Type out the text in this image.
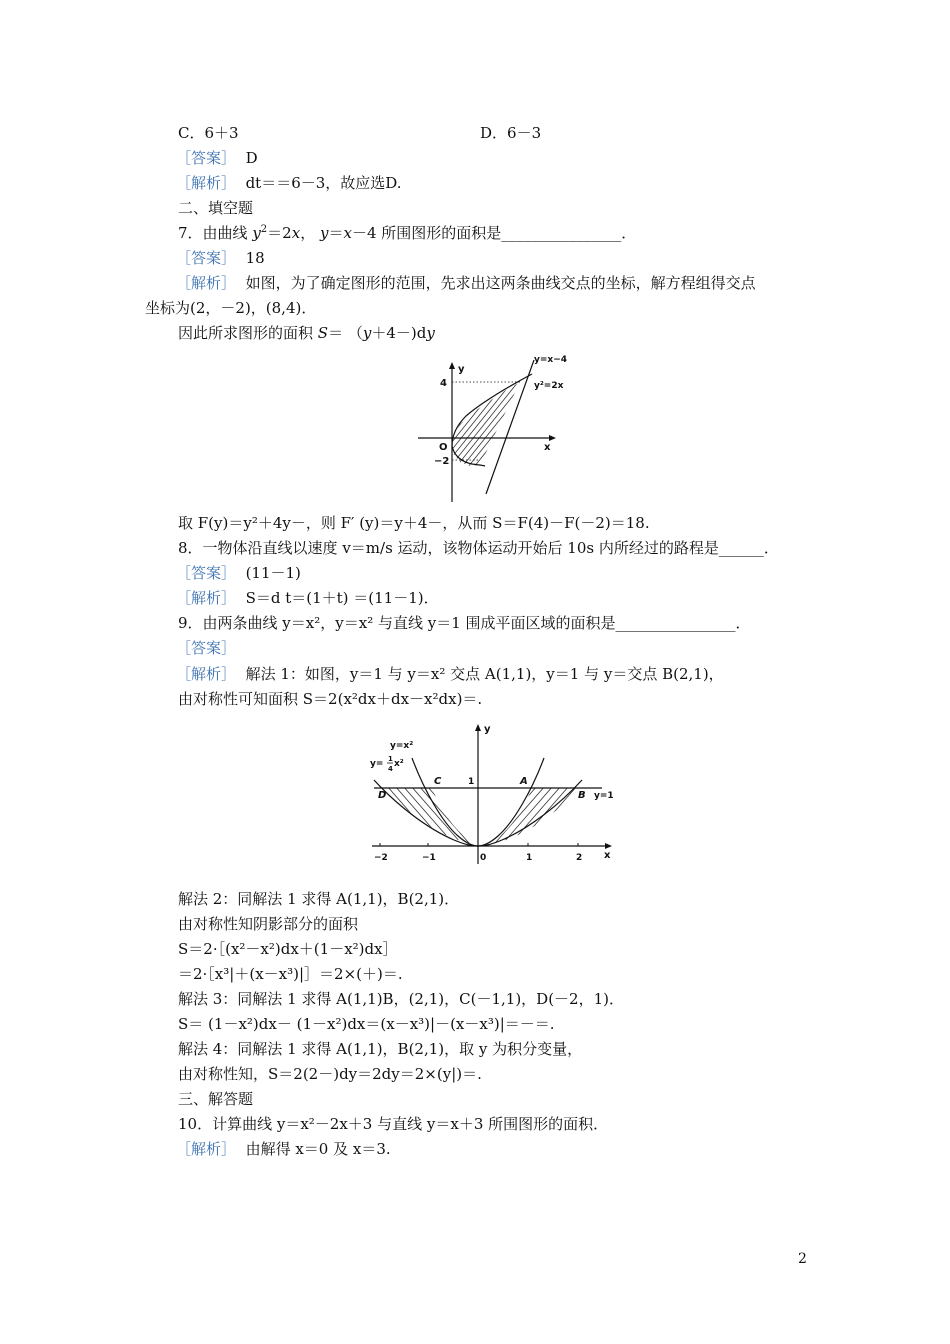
C．6＋3	D．6－3
［答案］ D
［解析］ dt＝＝6－3，故应选D.
二、填空题
7．由曲线 $y^2=2x$， y＝x－4 所围图形的面积是________________．
［答案］ 18
［解析］ 如图，为了确定图形的范围，先求出这两条曲线交点的坐标，解方程组得交点
坐标为(2，－2)，(8,4)．
因此所求图形的面积 S＝ （y＋4－)dy
y
x
O
4
−2
y=x−4
y²=2x
取 F(y)＝y²＋4y－，则 F′ (y)＝y＋4－，从而 S＝F(4)－F(－2)＝18.
8．一物体沿直线以速度 v＝m/s 运动，该物体运动开始后 10s 内所经过的路程是______．
［答案］ (11－1)
［解析］ S＝d t＝(1＋t) ＝(11－1)．
9．由两条曲线 y＝x²，y＝x² 与直线 y＝1 围成平面区域的面积是________________．
［答案］
［解析］ 解法 1：如图，y＝1 与 y＝x² 交点 A(1,1)，y＝1 与 y＝交点 B(2,1)，
由对称性可知面积 S＝2(x²dx＋dx－x²dx)＝.
y
x
y= 1
4 x²
y=x²
y=1
A
B
C
D
1
−2	−1	0	1	2
解法 2：同解法 1 求得 A(1,1)，B(2,1)．
由对称性知阴影部分的面积
S＝2·［(x²－x²)dx＋(1－x²)dx］
＝2·［x³|＋(x－x³)|］＝2×(＋)＝.
解法 3：同解法 1 求得 A(1,1)B，(2,1)，C(－1,1)，D(－2，1)．
S＝ (1－x²)dx－ (1－x²)dx＝(x－x³)|－(x－x³)|＝－＝.
解法 4：同解法 1 求得 A(1,1)，B(2,1)，取 y 为积分变量，
由对称性知，S＝2(2－)dy＝2dy＝2×(y|)＝.
三、解答题
10．计算曲线 y＝x²－2x＋3 与直线 y＝x＋3 所围图形的面积．
［解析］ 由解得 x＝0 及 x＝3.
2
